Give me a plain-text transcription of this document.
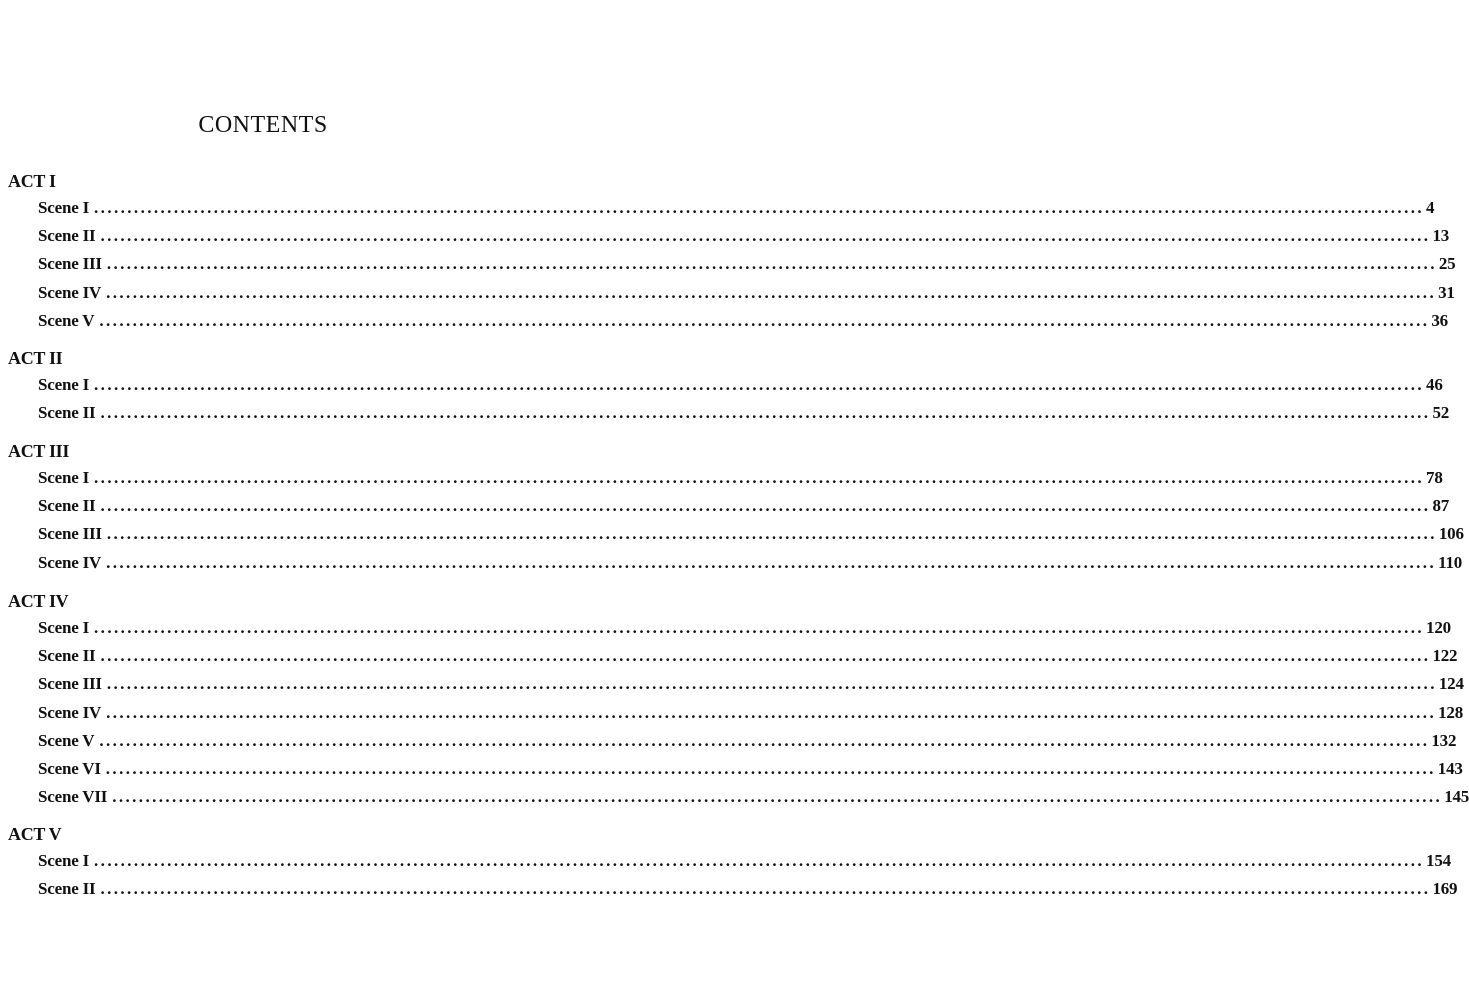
CONTENTS
ACT I
Scene I ........................................................................................................................................................................................................ 4
Scene II ........................................................................................................................................................................................................ 13
Scene III ........................................................................................................................................................................................................ 25
Scene IV ........................................................................................................................................................................................................ 31
Scene V ........................................................................................................................................................................................................ 36
ACT II
Scene I ........................................................................................................................................................................................................ 46
Scene II ........................................................................................................................................................................................................ 52
ACT III
Scene I ........................................................................................................................................................................................................ 78
Scene II ........................................................................................................................................................................................................ 87
Scene III ........................................................................................................................................................................................................ 106
Scene IV ........................................................................................................................................................................................................ 110
ACT IV
Scene I ........................................................................................................................................................................................................ 120
Scene II ........................................................................................................................................................................................................ 122
Scene III ........................................................................................................................................................................................................ 124
Scene IV ........................................................................................................................................................................................................ 128
Scene V ........................................................................................................................................................................................................ 132
Scene VI ........................................................................................................................................................................................................ 143
Scene VII ........................................................................................................................................................................................................ 145
ACT V
Scene I ........................................................................................................................................................................................................ 154
Scene II ........................................................................................................................................................................................................ 169
